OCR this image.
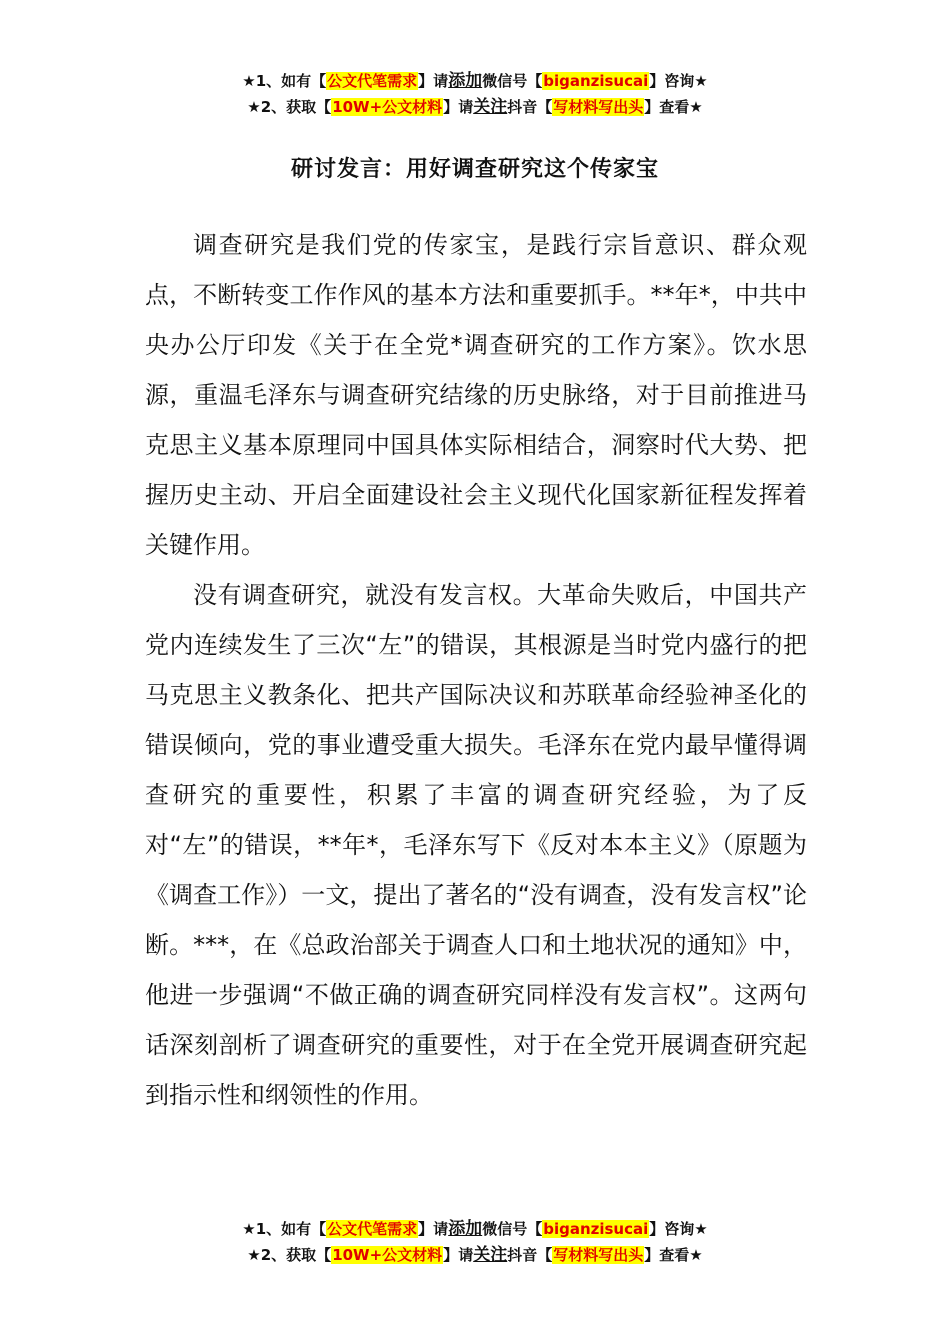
★1、如有【公文代笔需求】请添加微信号【biganzisucai】咨询★
★2、获取【10W+公文材料】请关注抖音【写材料写出头】查看★
研讨发言：用好调查研究这个传家宝

调查研究是我们党的传家宝，是践行宗旨意识、群众观点，不断转变工作作风的基本方法和重要抓手。**年*，中共中央办公厅印发《关于在全党*调查研究的工作方案》。饮水思源，重温毛泽东与调查研究结缘的历史脉络，对于目前推进马克思主义基本原理同中国具体实际相结合，洞察时代大势、把握历史主动、开启全面建设社会主义现代化国家新征程发挥着关键作用。

没有调查研究，就没有发言权。大革命失败后，中国共产党内连续发生了三次“左”的错误，其根源是当时党内盛行的把马克思主义教条化、把共产国际决议和苏联革命经验神圣化的错误倾向，党的事业遭受重大损失。毛泽东在党内最早懂得调查研究的重要性，积累了丰富的调查研究经验，为了反对“左”的错误，**年*，毛泽东写下《反对本本主义》（原题为《调查工作》）一文，提出了著名的“没有调查，没有发言权”论断。***，在《总政治部关于调查人口和土地状况的通知》中，他进一步强调“不做正确的调查研究同样没有发言权”。这两句话深刻剖析了调查研究的重要性，对于在全党开展调查研究起到指示性和纲领性的作用。

★1、如有【公文代笔需求】请添加微信号【biganzisucai】咨询★
★2、获取【10W+公文材料】请关注抖音【写材料写出头】查看★
